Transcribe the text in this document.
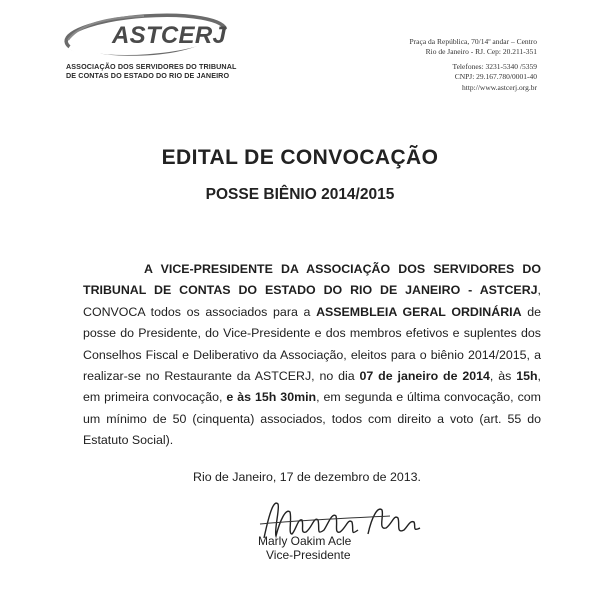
ASTCERJ
ASSOCIAÇÃO DOS SERVIDORES DO TRIBUNAL
DE CONTAS DO ESTADO DO RIO DE JANEIRO
Praça da República, 70/14º andar – Centro
Rio de Janeiro - RJ. Cep: 20.211-351
Telefones: 3231-5340 /5359
CNPJ: 29.167.780/0001-40
http://www.astcerj.org.br
EDITAL DE CONVOCAÇÃO
POSSE BIÊNIO 2014/2015

A VICE-PRESIDENTE DA ASSOCIAÇÃO DOS SERVIDORES DO TRIBUNAL DE CONTAS DO ESTADO DO RIO DE JANEIRO - ASTCERJ, CONVOCA todos os associados para a ASSEMBLEIA GERAL ORDINÁRIA de posse do Presidente, do Vice-Presidente e dos membros efetivos e suplentes dos Conselhos Fiscal e Deliberativo da Associação, eleitos para o biênio 2014/2015, a realizar-se no Restaurante da ASTCERJ, no dia 07 de janeiro de 2014, às 15h, em primeira convocação, e às 15h 30min, em segunda e última convocação, com um mínimo de 50 (cinquenta) associados, todos com direito a voto (art. 55 do Estatuto Social).

Rio de Janeiro, 17 de dezembro de 2013.
Marly Oakim Acle
Vice-Presidente
